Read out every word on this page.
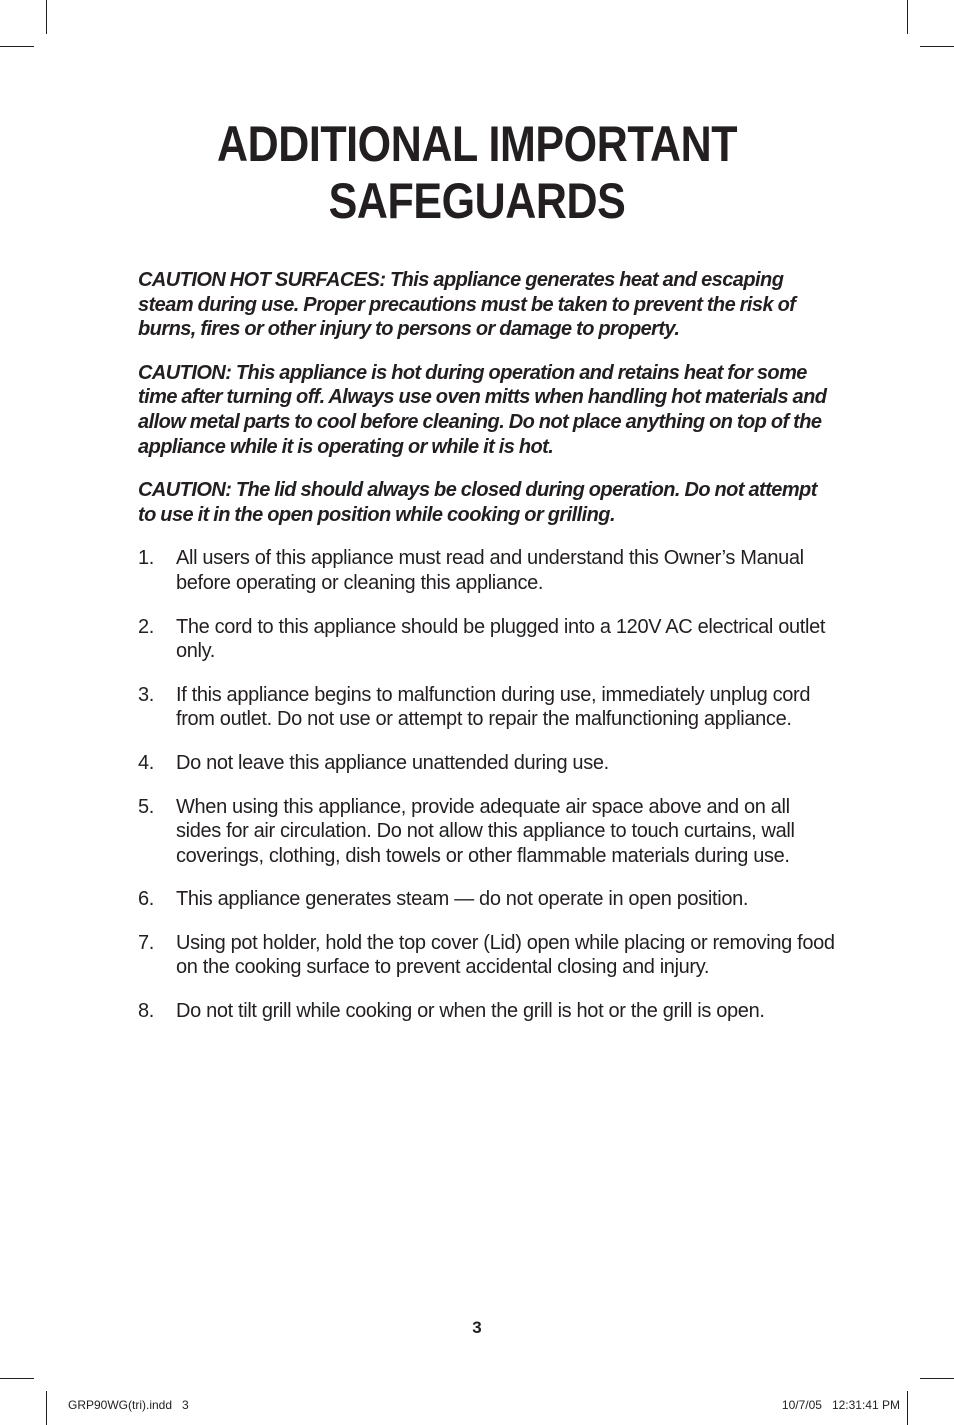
ADDITIONAL IMPORTANT
SAFEGUARDS

CAUTION HOT SURFACES: This appliance generates heat and escaping steam during use. Proper precautions must be taken to prevent the risk of burns, fires or other injury to persons or damage to property.

CAUTION: This appliance is hot during operation and retains heat for some time after turning off. Always use oven mitts when handling hot materials and allow metal parts to cool before cleaning. Do not place anything on top of the appliance while it is operating or while it is hot.

CAUTION: The lid should always be closed during operation. Do not attempt to use it in the open position while cooking or grilling.

1.	All users of this appliance must read and understand this Owner’s Manual before operating or cleaning this appliance.
2.	The cord to this appliance should be plugged into a 120V AC electrical outlet only.
3.	If this appliance begins to malfunction during use, immediately unplug cord from outlet. Do not use or attempt to repair the malfunctioning appliance.
4.	Do not leave this appliance unattended during use.
5.	When using this appliance, provide adequate air space above and on all sides for air circulation. Do not allow this appliance to touch curtains, wall coverings, clothing, dish towels or other flammable materials during use.
6.	This appliance generates steam — do not operate in open position.
7.	Using pot holder, hold the top cover (Lid) open while placing or removing food on the cooking surface to prevent accidental closing and injury.
8.	Do not tilt grill while cooking or when the grill is hot or the grill is open.
3
GRP90WG(tri).indd   3	10/7/05   12:31:41 PM
